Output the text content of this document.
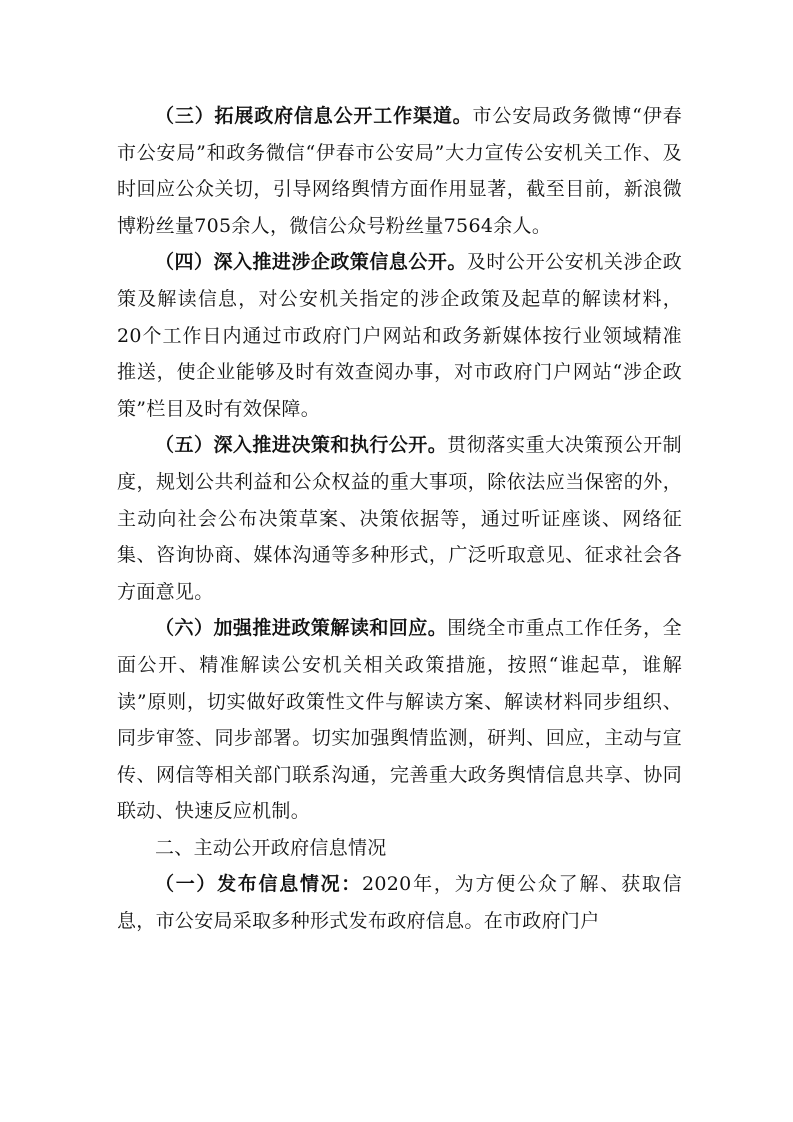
（三）拓展政府信息公开工作渠道。市公安局政务微博“伊春市公安局”和政务微信“伊春市公安局”大力宣传公安机关工作、及时回应公众关切，引导网络舆情方面作用显著，截至目前，新浪微博粉丝量705余人，微信公众号粉丝量7564余人。

（四）深入推进涉企政策信息公开。及时公开公安机关涉企政策及解读信息，对公安机关指定的涉企政策及起草的解读材料，20个工作日内通过市政府门户网站和政务新媒体按行业领域精准推送，使企业能够及时有效查阅办事，对市政府门户网站“涉企政策”栏目及时有效保障。

（五）深入推进决策和执行公开。贯彻落实重大决策预公开制度，规划公共利益和公众权益的重大事项，除依法应当保密的外，主动向社会公布决策草案、决策依据等，通过听证座谈、网络征集、咨询协商、媒体沟通等多种形式，广泛听取意见、征求社会各方面意见。

（六）加强推进政策解读和回应。围绕全市重点工作任务，全面公开、精准解读公安机关相关政策措施，按照“谁起草，谁解读”原则，切实做好政策性文件与解读方案、解读材料同步组织、同步审签、同步部署。切实加强舆情监测，研判、回应，主动与宣传、网信等相关部门联系沟通，完善重大政务舆情信息共享、协同联动、快速反应机制。

二、主动公开政府信息情况

（一）发布信息情况：2020年，为方便公众了解、获取信息，市公安局采取多种形式发布政府信息。在市政府门户
